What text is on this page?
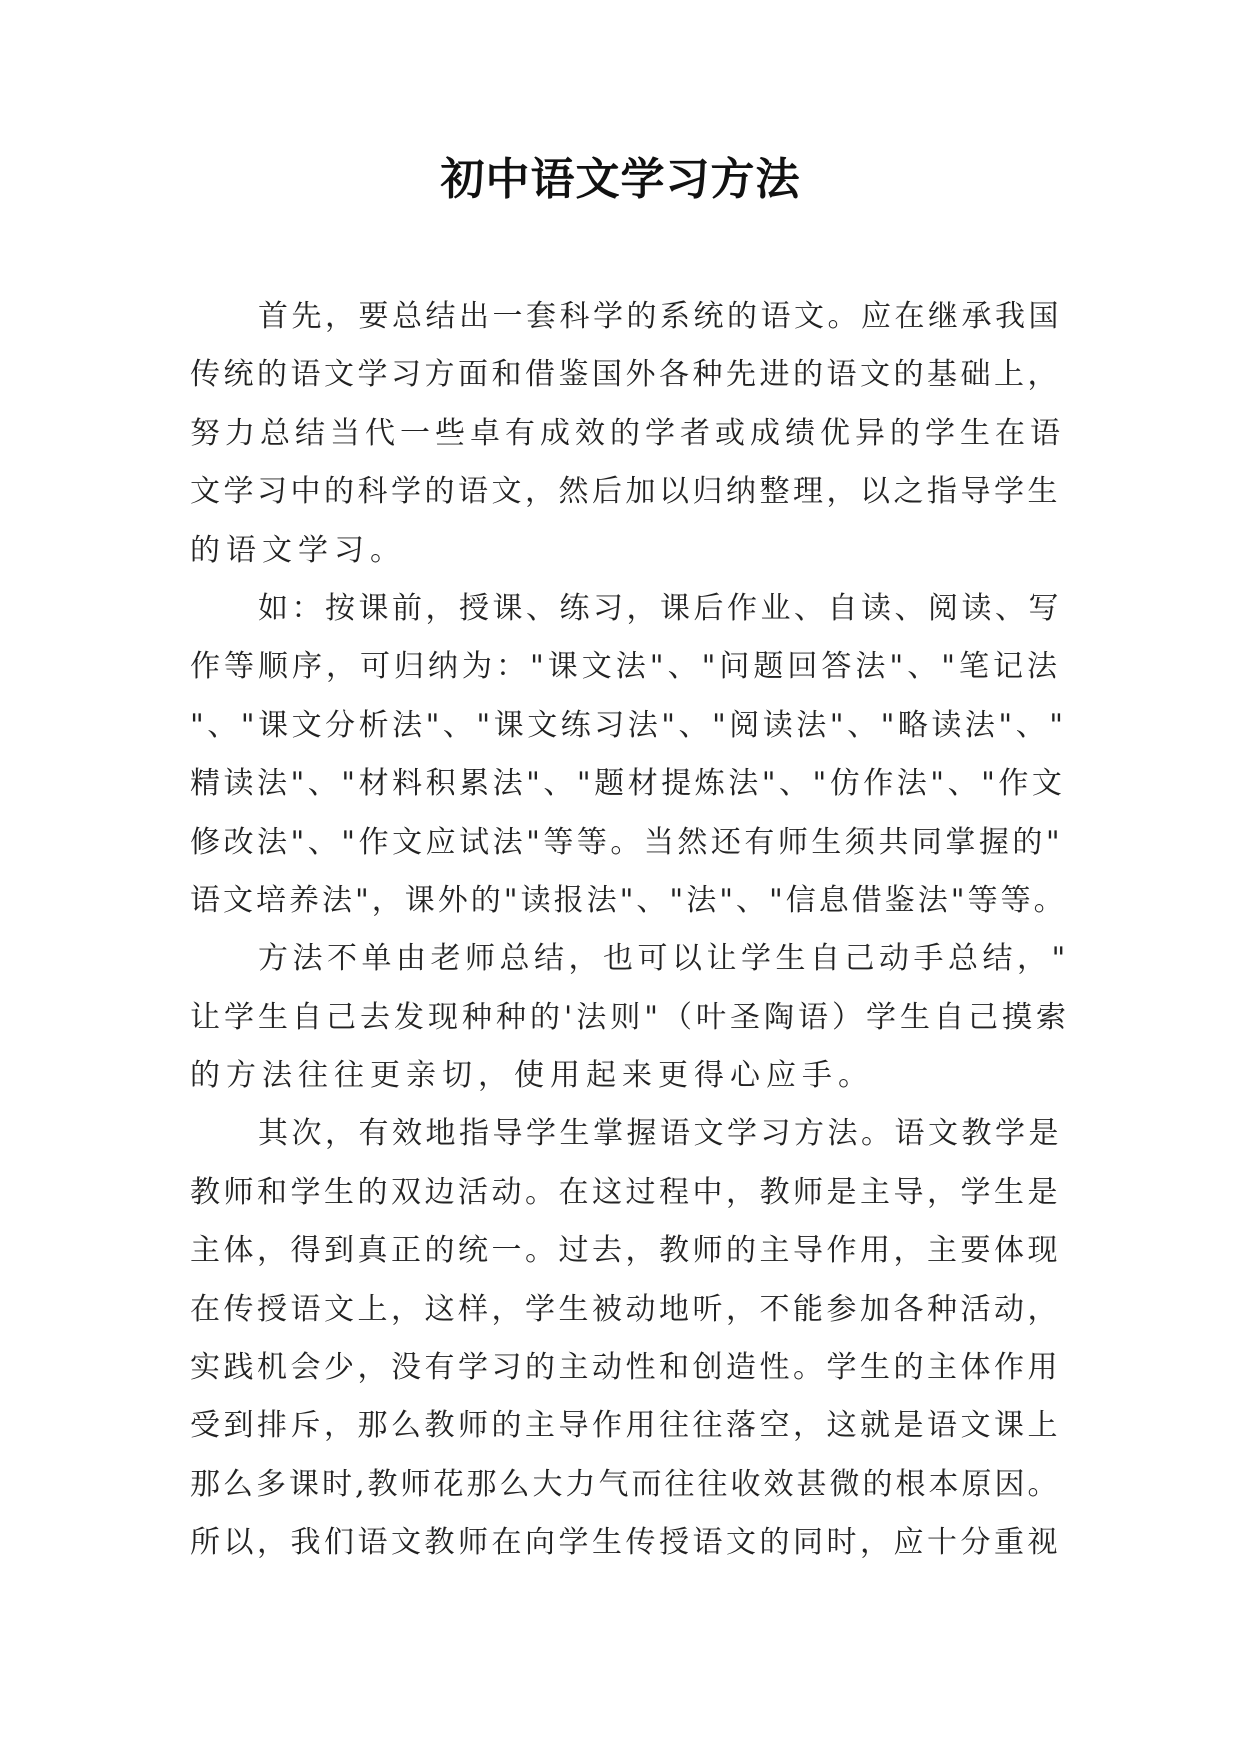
初中语文学习方法
首先，要总结出一套科学的系统的语文。应在继承我国
传统的语文学习方面和借鉴国外各种先进的语文的基础上，
努力总结当代一些卓有成效的学者或成绩优异的学生在语
文学习中的科学的语文，然后加以归纳整理，以之指导学生
的语文学习。
如：按课前，授课、练习，课后作业、自读、阅读、写
作等顺序，可归纳为："课文法"、"问题回答法"、"笔记法
"、"课文分析法"、"课文练习法"、"阅读法"、"略读法"、"
精读法"、"材料积累法"、"题材提炼法"、"仿作法"、"作文
修改法"、"作文应试法"等等。当然还有师生须共同掌握的"
语文培养法"，课外的"读报法"、"法"、"信息借鉴法"等等。
方法不单由老师总结，也可以让学生自己动手总结，"
让学生自己去发现种种的'法则"（叶圣陶语）学生自己摸索
的方法往往更亲切，使用起来更得心应手。
其次，有效地指导学生掌握语文学习方法。语文教学是
教师和学生的双边活动。在这过程中，教师是主导，学生是
主体，得到真正的统一。过去，教师的主导作用，主要体现
在传授语文上，这样，学生被动地听，不能参加各种活动，
实践机会少，没有学习的主动性和创造性。学生的主体作用
受到排斥，那么教师的主导作用往往落空，这就是语文课上
那么多课时,教师花那么大力气而往往收效甚微的根本原因。
所以，我们语文教师在向学生传授语文的同时，应十分重视
